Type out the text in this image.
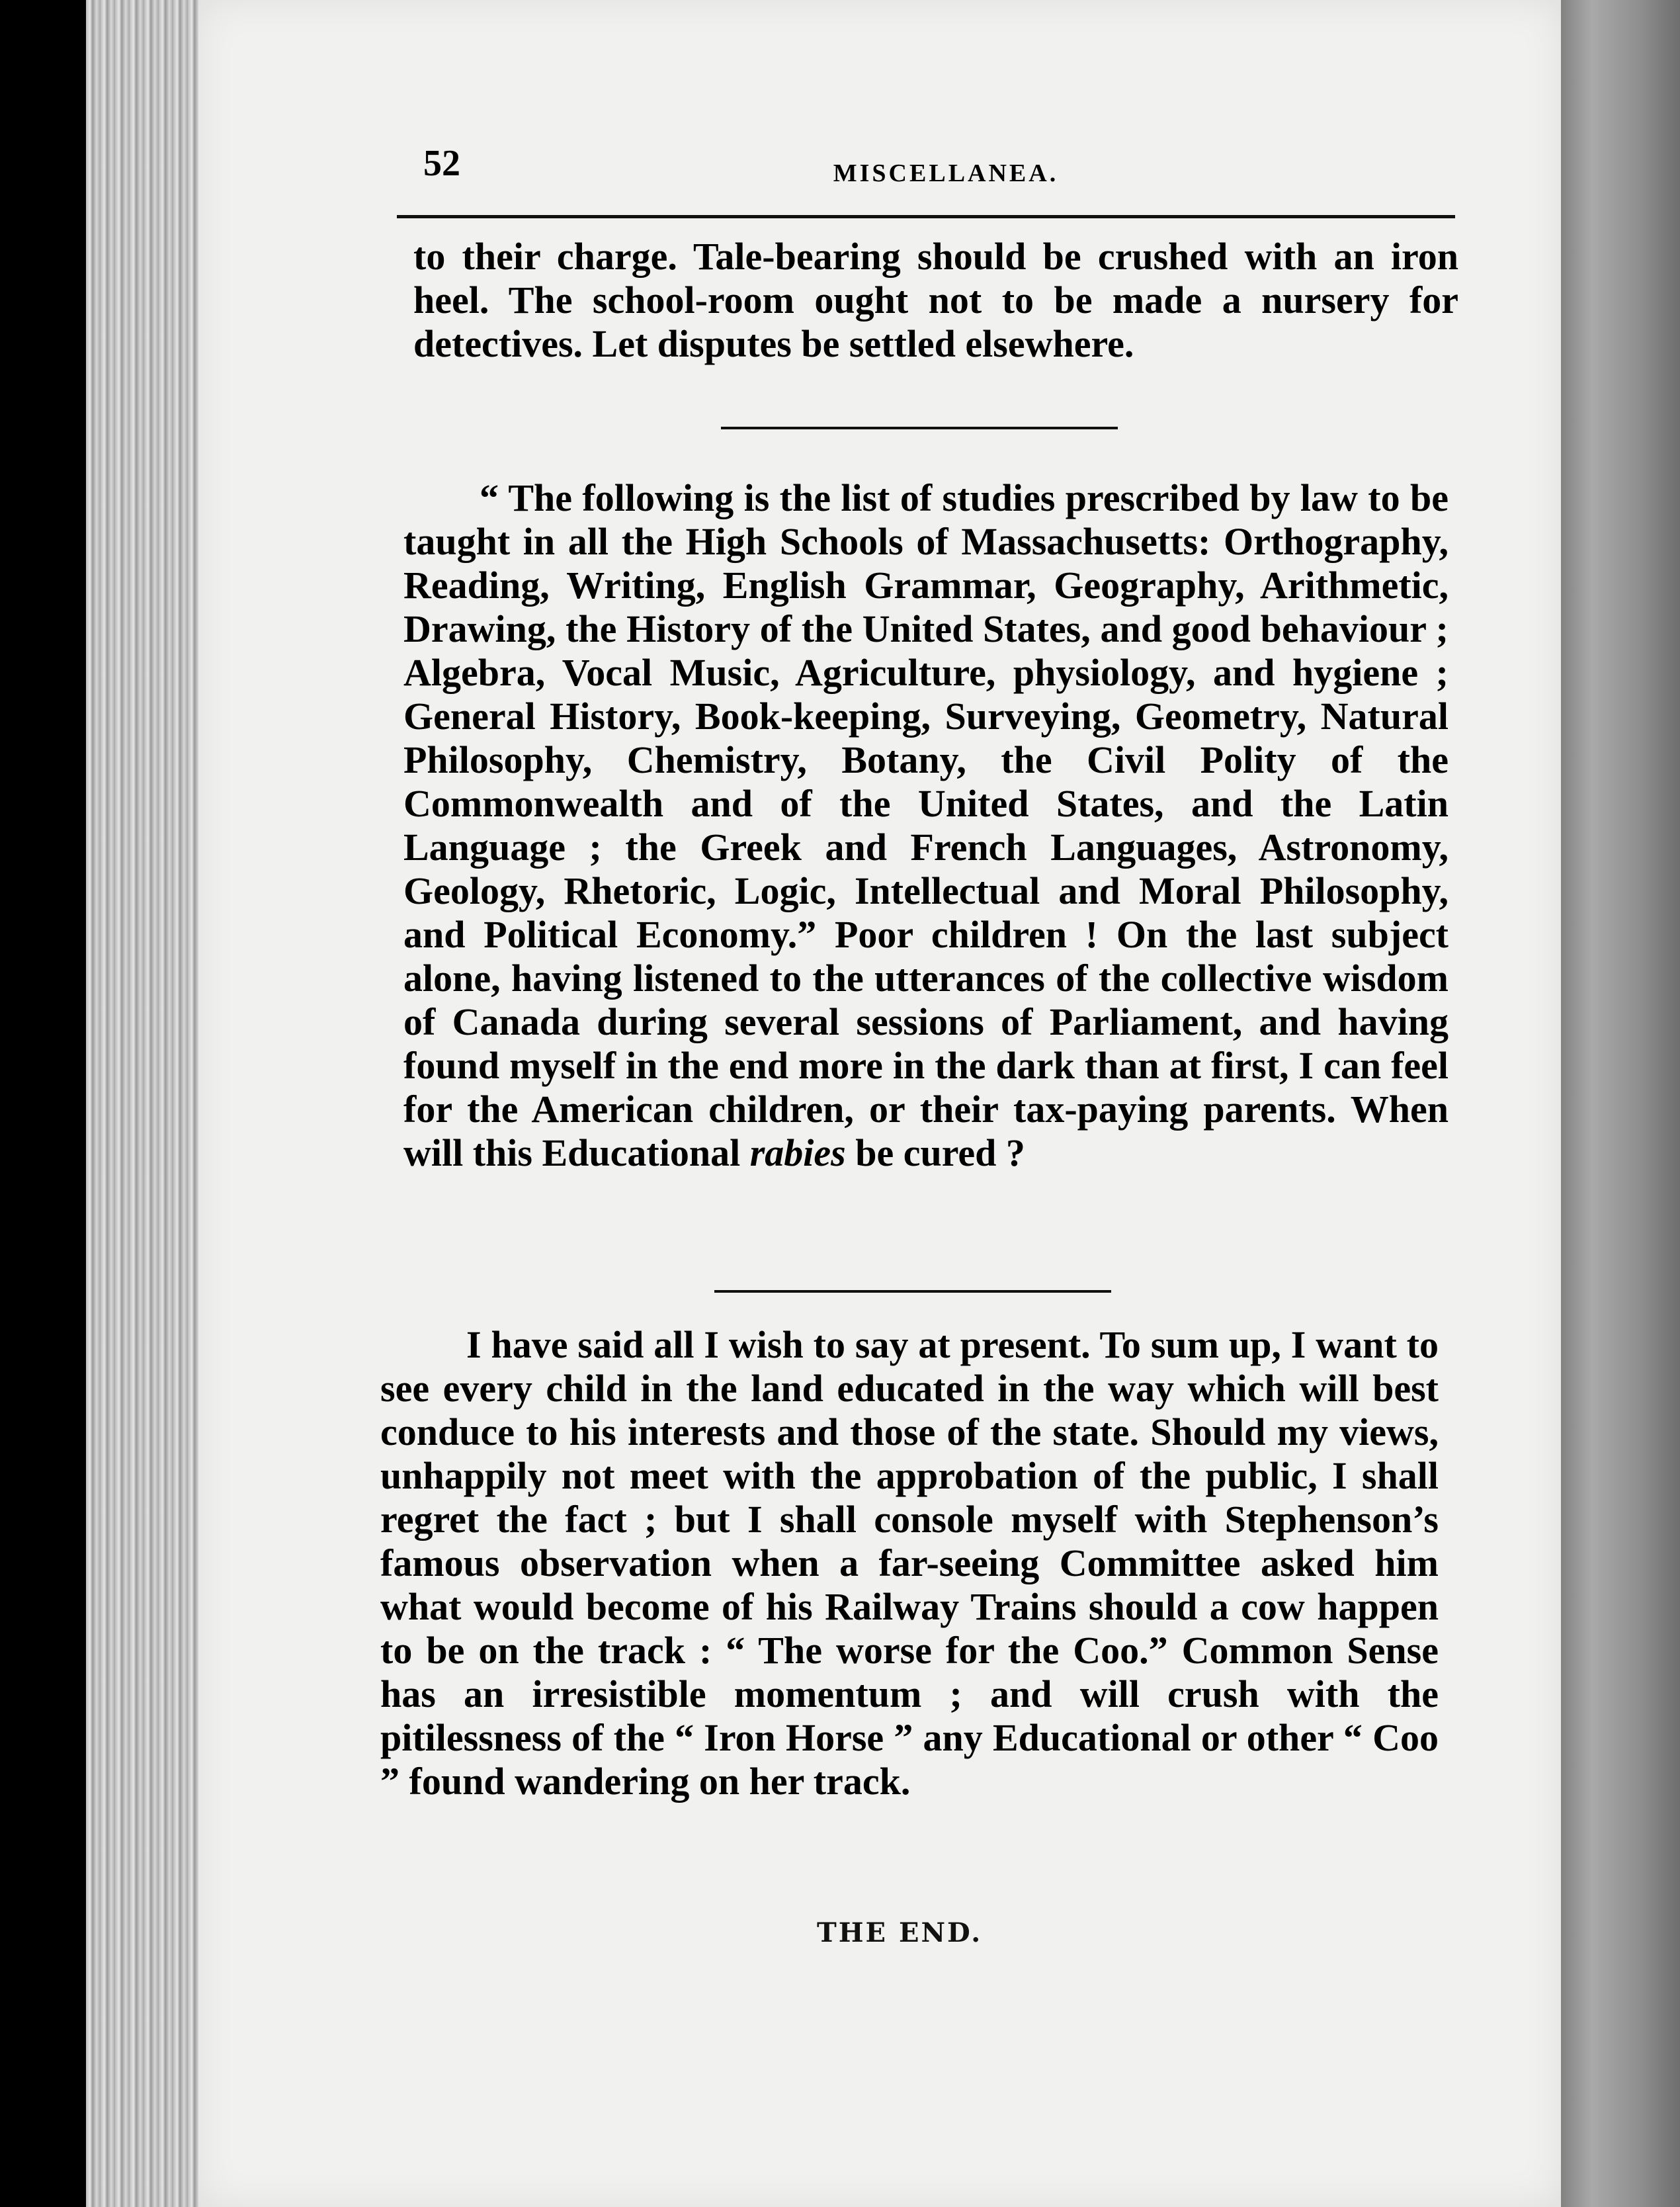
52	MISCELLANEA.
to their charge. Tale-bearing should be crushed with an iron heel. The school-room ought not to be made a nursery for detectives. Let disputes be settled elsewhere.
“ The following is the list of studies prescribed by law to be taught in all the High Schools of Massachusetts: Orthography, Reading, Writing, English Grammar, Geography, Arithmetic, Drawing, the History of the United States, and good behaviour ; Algebra, Vocal Music, Agriculture, physiology, and hygiene ; General History, Book-keeping, Surveying, Geometry, Natural Philosophy, Chemistry, Botany, the Civil Polity of the Commonwealth and of the United States, and the Latin Language ; the Greek and French Languages, Astronomy, Geology, Rhetoric, Logic, Intellectual and Moral Philosophy, and Political Economy.” Poor children ! On the last subject alone, having listened to the utterances of the collective wisdom of Canada during several sessions of Parliament, and having found myself in the end more in the dark than at first, I can feel for the American children, or their tax-paying parents. When will this Educational rabies be cured ?
I have said all I wish to say at present. To sum up, I want to see every child in the land educated in the way which will best conduce to his interests and those of the state. Should my views, unhappily not meet with the approbation of the public, I shall regret the fact ; but I shall console myself with Stephenson’s famous observation when a far-seeing Committee asked him what would become of his Railway Trains should a cow happen to be on the track : “ The worse for the Coo.” Common Sense has an irresistible momentum ; and will crush with the pitilessness of the “ Iron Horse ” any Educational or other “ Coo ” found wandering on her track.
THE END.
